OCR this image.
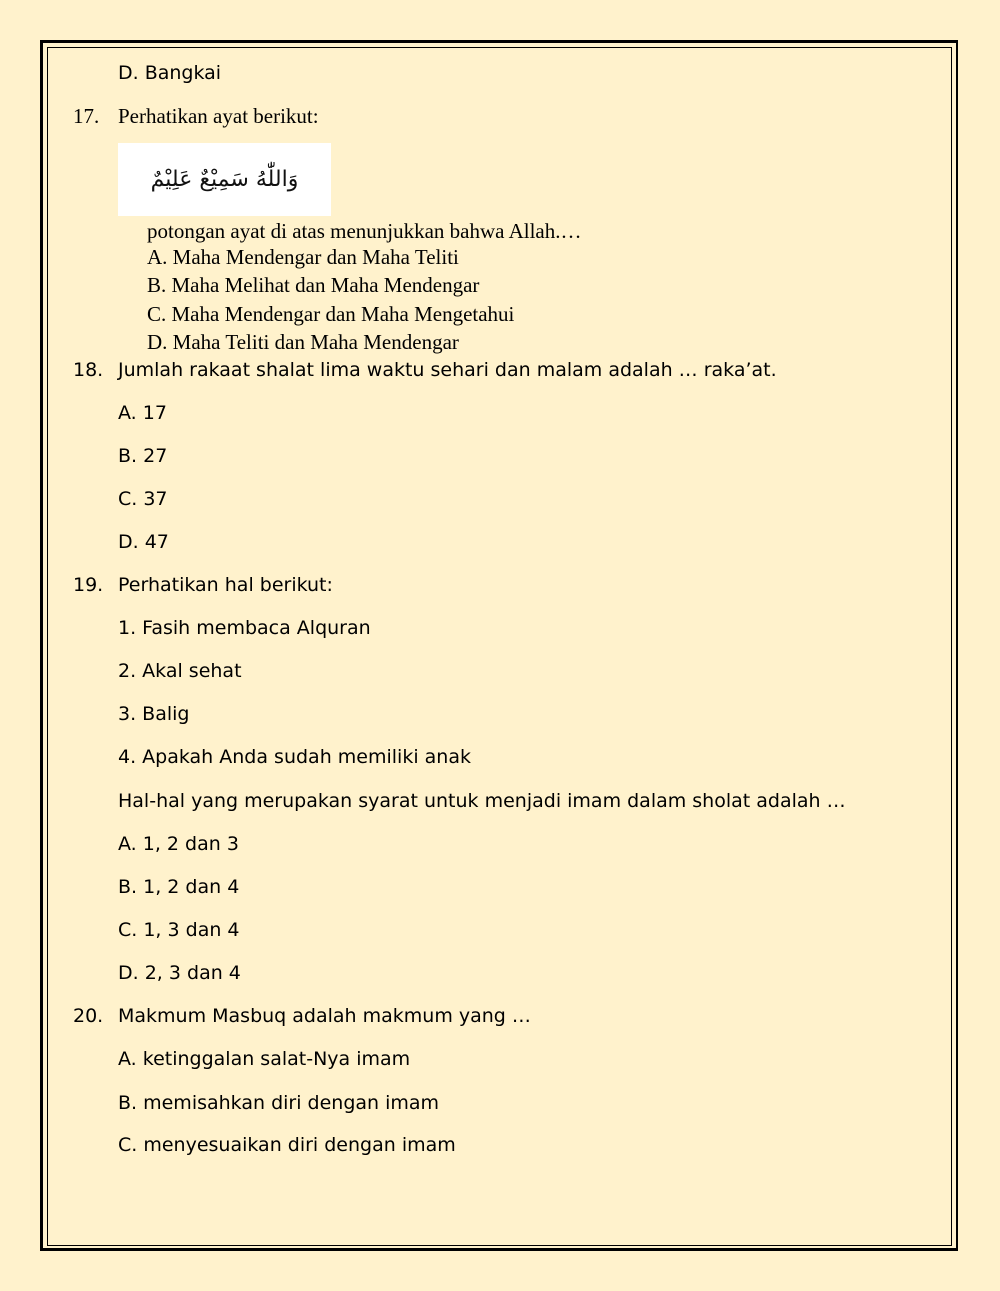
D. Bangkai
17. Perhatikan ayat berikut:
وَاللّٰهُ سَمِيْعٌ عَلِيْمٌ
potongan ayat di atas menunjukkan bahwa Allah.…
A. Maha Mendengar dan Maha Teliti
B. Maha Melihat dan Maha Mendengar
C. Maha Mendengar dan Maha Mengetahui
D. Maha Teliti dan Maha Mendengar
18. Jumlah rakaat shalat lima waktu sehari dan malam adalah … raka’at.
A. 17
B. 27
C. 37
D. 47
19. Perhatikan hal berikut:
1. Fasih membaca Alquran
2. Akal sehat
3. Balig
4. Apakah Anda sudah memiliki anak
Hal-hal yang merupakan syarat untuk menjadi imam dalam sholat adalah …
A. 1, 2 dan 3
B. 1, 2 dan 4
C. 1, 3 dan 4
D. 2, 3 dan 4
20. Makmum Masbuq adalah makmum yang …
A. ketinggalan salat-Nya imam
B. memisahkan diri dengan imam
C. menyesuaikan diri dengan imam
